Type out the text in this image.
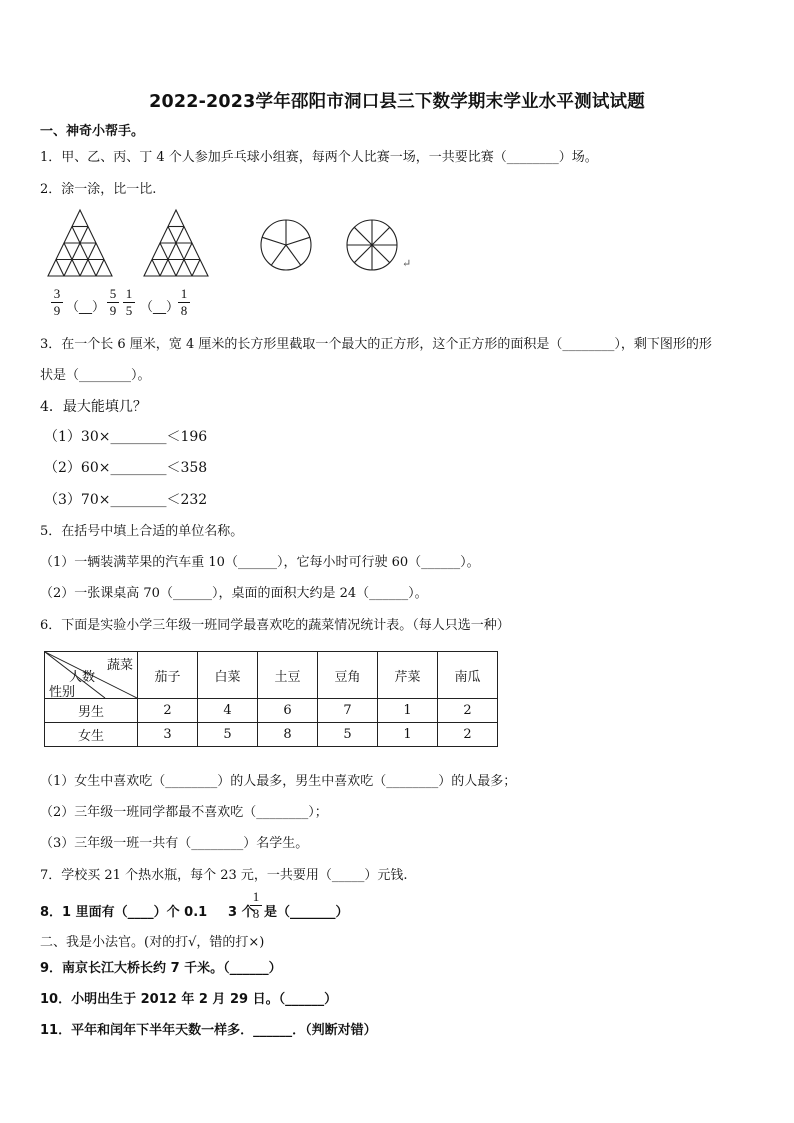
2022-2023学年邵阳市洞口县三下数学期末学业水平测试试题
一、神奇小帮手。
1．甲、乙、丙、丁 4 个人参加乒乓球小组赛，每两个人比赛一场，一共要比赛（________）场。
2．涂一涂，比一比.
↵
3
9 （__）
5
9
1
5 （__）
1
8
3．在一个长 6 厘米，宽 4 厘米的长方形里截取一个最大的正方形，这个正方形的面积是（________），剩下图形的形
状是（________）。
4．最大能填几？
（1）30×________＜196
（2）60×________＜358
（3）70×________＜232
5．在括号中填上合适的单位名称。
（1）一辆装满苹果的汽车重 10（______），它每小时可行驶 60（______）。
（2）一张课桌高 70（______），桌面的面积大约是 24（______）。
6．下面是实验小学三年级一班同学最喜欢吃的蔬菜情况统计表。（每人只选一种）
蔬菜
人数
性别	茄子	白菜	土豆	豆角	芹菜	南瓜
男生	2	4	6	7	1	2
女生	3	5	8	5	1	2
（1）女生中喜欢吃（________）的人最多，男生中喜欢吃（________）的人最多；
（2）三年级一班同学都最不喜欢吃（________）；
（3）三年级一班一共有（________）名学生。
7．学校买 21 个热水瓶，每个 23 元，一共要用（_____）元钱.
8．1 里面有（____）个 0.1 3 个
1
8 是（_______）
二、我是小法官。(对的打√，错的打×)
9．南京长江大桥长约 7 千米。（______）
10．小明出生于 2012 年 2 月 29 日。（______）
11．平年和闰年下半年天数一样多．______．（判断对错）
